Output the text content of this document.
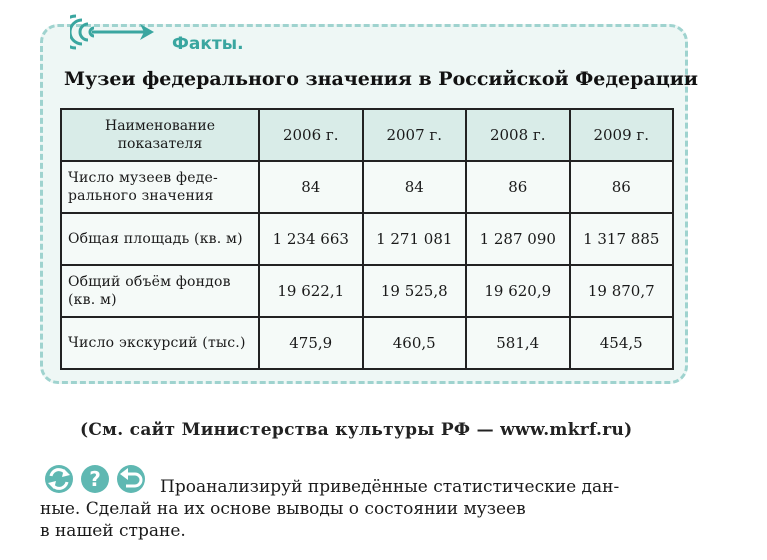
Факты.
Музеи федерального значения в Российской Федерации
Наименование показателя	2006 г.	2007 г.	2008 г.	2009 г.
Число музеев феде-рального значения	84	84	86	86
Общая площадь (кв. м)	1 234 663	1 271 081	1 287 090	1 317 885
Общий объём фондов (кв. м)	19 622,1	19 525,8	19 620,9	19 870,7
Число экскурсий (тыс.)	475,9	460,5	581,4	454,5
(См. сайт Министерства культуры РФ — www.mkrf.ru)
?	Проанализируй приведённые статистические дан-
ные. Сделай на их основе выводы о состоянии музеев
в нашей стране.
